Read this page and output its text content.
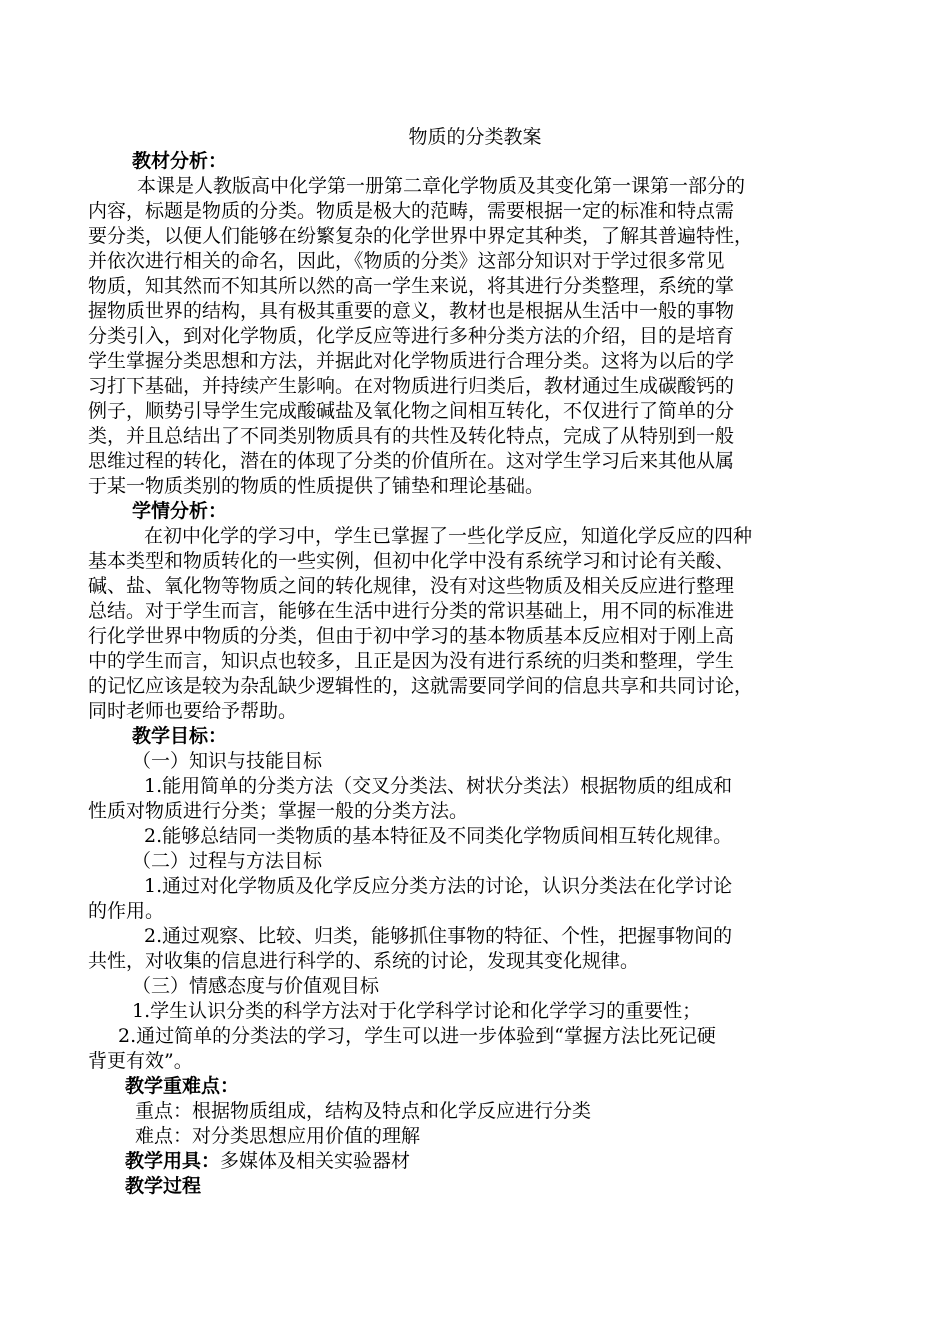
物质的分类教案
教材分析：
本课是人教版高中化学第一册第二章化学物质及其变化第一课第一部分的
内容，标题是物质的分类。物质是极大的范畴，需要根据一定的标准和特点需
要分类，以便人们能够在纷繁复杂的化学世界中界定其种类，了解其普遍特性，
并依次进行相关的命名，因此，《物质的分类》这部分知识对于学过很多常见
物质，知其然而不知其所以然的高一学生来说，将其进行分类整理，系统的掌
握物质世界的结构，具有极其重要的意义，教材也是根据从生活中一般的事物
分类引入，到对化学物质，化学反应等进行多种分类方法的介绍，目的是培育
学生掌握分类思想和方法，并据此对化学物质进行合理分类。这将为以后的学
习打下基础，并持续产生影响。在对物质进行归类后，教材通过生成碳酸钙的
例子，顺势引导学生完成酸碱盐及氧化物之间相互转化，不仅进行了简单的分
类，并且总结出了不同类别物质具有的共性及转化特点，完成了从特别到一般
思维过程的转化，潜在的体现了分类的价值所在。这对学生学习后来其他从属
于某一物质类别的物质的性质提供了铺垫和理论基础。
学情分析：
在初中化学的学习中，学生已掌握了一些化学反应，知道化学反应的四种
基本类型和物质转化的一些实例，但初中化学中没有系统学习和讨论有关酸、
碱、盐、氧化物等物质之间的转化规律，没有对这些物质及相关反应进行整理
总结。对于学生而言，能够在生活中进行分类的常识基础上，用不同的标准进
行化学世界中物质的分类，但由于初中学习的基本物质基本反应相对于刚上高
中的学生而言，知识点也较多，且正是因为没有进行系统的归类和整理，学生
的记忆应该是较为杂乱缺少逻辑性的，这就需要同学间的信息共享和共同讨论，
同时老师也要给予帮助。
教学目标：
（一）知识与技能目标
1.能用简单的分类方法（交叉分类法、树状分类法）根据物质的组成和
性质对物质进行分类；掌握一般的分类方法。
2.能够总结同一类物质的基本特征及不同类化学物质间相互转化规律。
（二）过程与方法目标
1.通过对化学物质及化学反应分类方法的讨论，认识分类法在化学讨论
的作用。
2.通过观察、比较、归类，能够抓住事物的特征、个性，把握事物间的
共性，对收集的信息进行科学的、系统的讨论，发现其变化规律。
（三）情感态度与价值观目标
1.学生认识分类的科学方法对于化学科学讨论和化学学习的重要性；
2.通过简单的分类法的学习，学生可以进一步体验到“掌握方法比死记硬
背更有效”。
教学重难点：
重点：根据物质组成，结构及特点和化学反应进行分类
难点：对分类思想应用价值的理解
教学用具：多媒体及相关实验器材
教学过程
